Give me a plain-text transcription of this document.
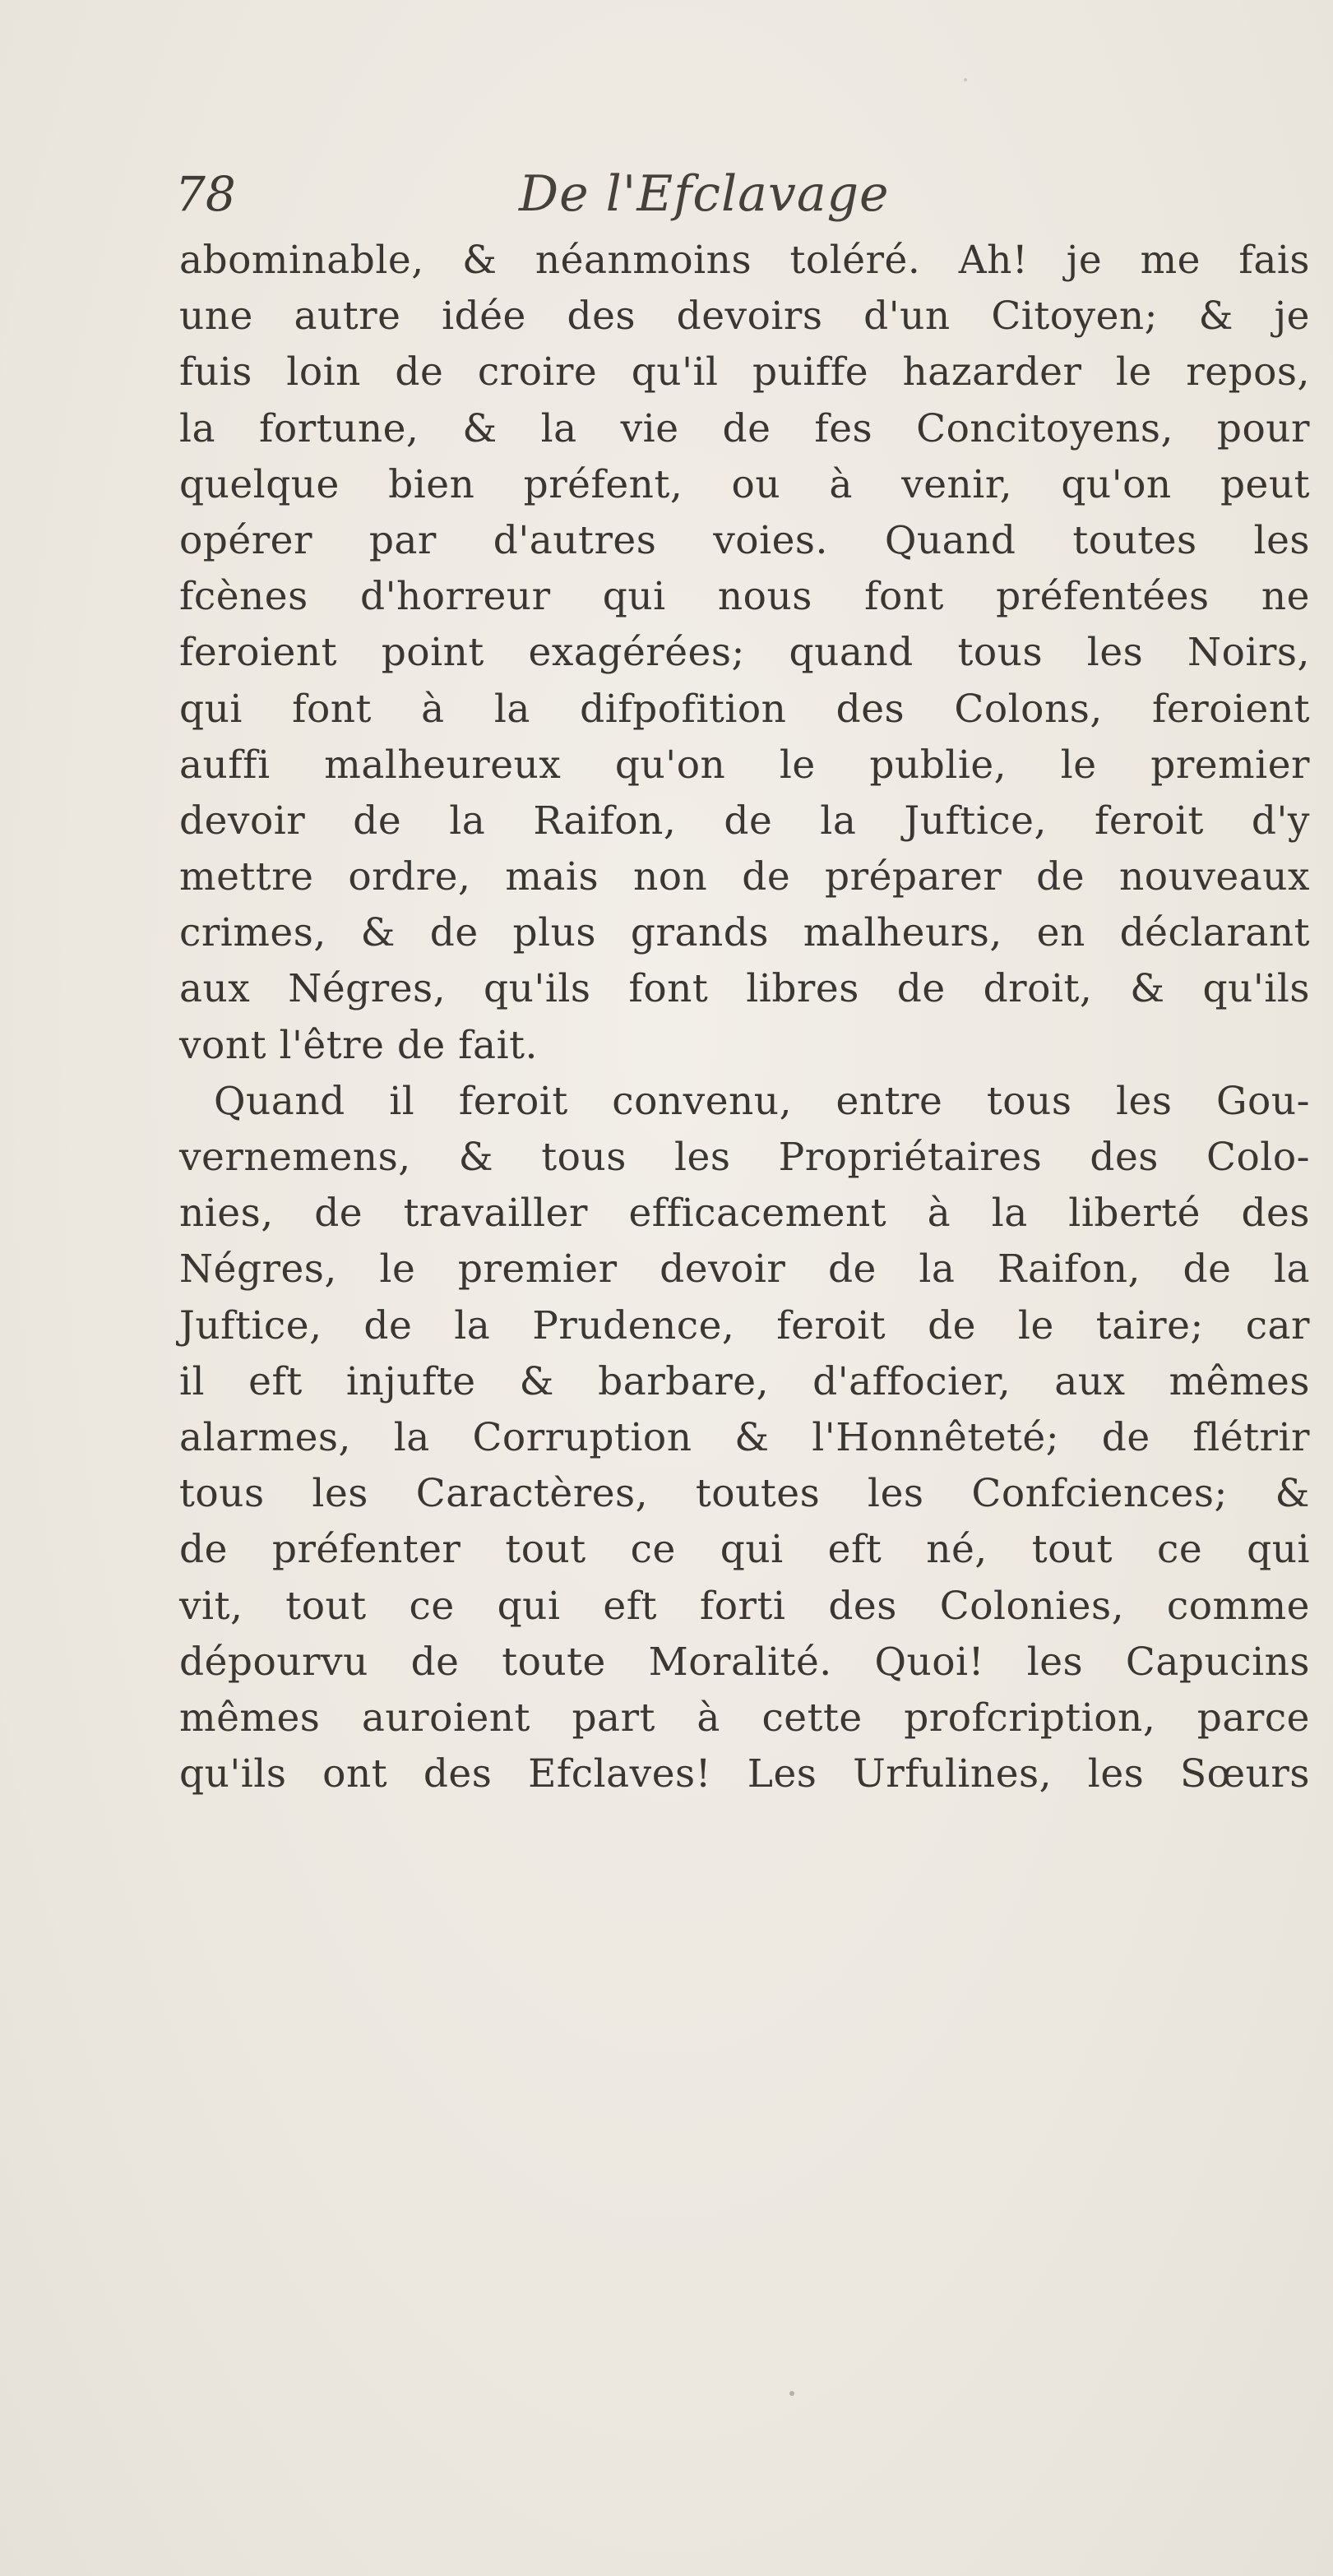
78	De l'Efclavage
abominable, & néanmoins toléré. Ah! je me fais
une autre idée des devoirs d'un Citoyen; & je
fuis loin de croire qu'il puiffe hazarder le repos,
la fortune, & la vie de fes Concitoyens, pour
quelque bien préfent, ou à venir, qu'on peut
opérer par d'autres voies. Quand toutes les
fcènes d'horreur qui nous font préfentées ne
feroient point exagérées; quand tous les Noirs,
qui font à la difpofition des Colons, feroient
auffi malheureux qu'on le publie, le premier
devoir de la Raifon, de la Juftice, feroit d'y
mettre ordre, mais non de préparer de nouveaux
crimes, & de plus grands malheurs, en déclarant
aux Négres, qu'ils font libres de droit, & qu'ils
vont l'être de fait.
Quand il feroit convenu, entre tous les Gou-
vernemens, & tous les Propriétaires des Colo-
nies, de travailler efficacement à la liberté des
Négres, le premier devoir de la Raifon, de la
Juftice, de la Prudence, feroit de le taire; car
il eft injufte & barbare, d'affocier, aux mêmes
alarmes, la Corruption & l'Honnêteté; de flétrir
tous les Caractères, toutes les Confciences; &
de préfenter tout ce qui eft né, tout ce qui
vit, tout ce qui eft forti des Colonies, comme
dépourvu de toute Moralité. Quoi! les Capucins
mêmes auroient part à cette profcription, parce
qu'ils ont des Efclaves! Les Urfulines, les Sœurs
